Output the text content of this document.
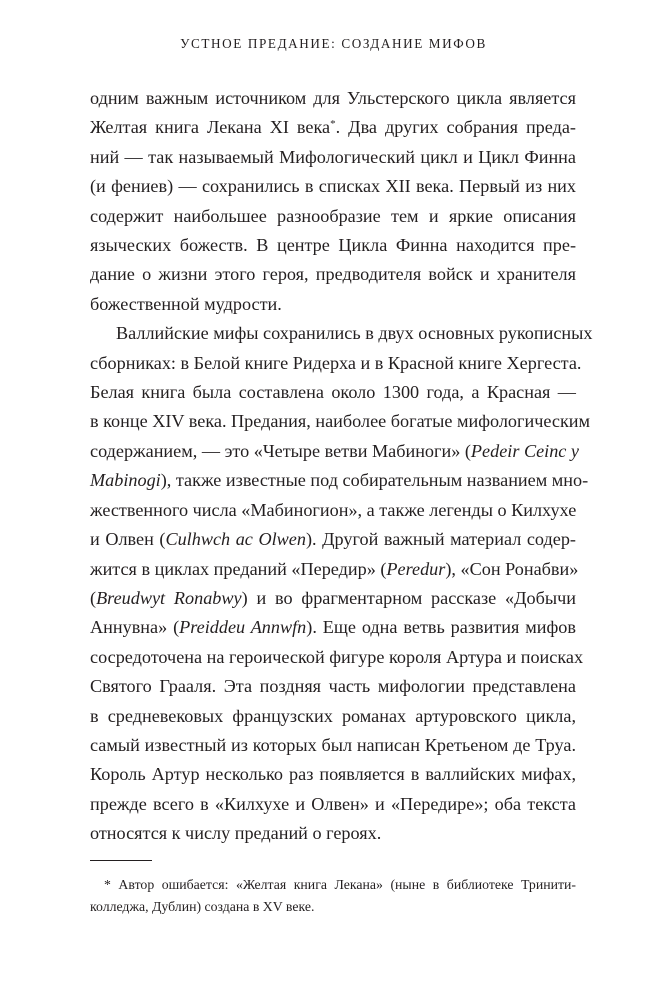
УСТНОЕ ПРЕДАНИЕ: СОЗДАНИЕ МИФОВ
одним важным источником для Ульстерского цикла является
Желтая книга Лекана XI века*. Два других собрания преда-
ний — так называемый Мифологический цикл и Цикл Финна
(и фениев) — сохранились в списках XII века. Первый из них
содержит наибольшее разнообразие тем и яркие описания
языческих божеств. В центре Цикла Финна находится пре-
дание о жизни этого героя, предводителя войск и хранителя
божественной мудрости.
Валлийские мифы сохранились в двух основных рукописных
сборниках: в Белой книге Ридерха и в Красной книге Хергеста.
Белая книга была составлена около 1300 года, а Красная —
в конце XIV века. Предания, наиболее богатые мифологическим
содержанием, — это «Четыре ветви Мабиноги» (Pedeir Ceinc y
Mabinogi), также известные под собирательным названием мно-
жественного числа «Мабиногион», а также легенды о Килхухе
и Олвен (Culhwch ac Olwen). Другой важный материал содер-
жится в циклах преданий «Передир» (Peredur), «Сон Ронабви»
(Breudwyt Ronabwy) и во фрагментарном рассказе «Добычи
Аннувна» (Preiddeu Annwfn). Еще одна ветвь развития мифов
сосредоточена на героической фигуре короля Артура и поисках
Святого Грааля. Эта поздняя часть мифологии представлена
в средневековых французских романах артуровского цикла,
самый известный из которых был написан Кретьеном де Труа.
Король Артур несколько раз появляется в валлийских мифах,
прежде всего в «Килхухе и Олвен» и «Передире»; оба текста
относятся к числу преданий о героях.
* Автор ошибается: «Желтая книга Лекана» (ныне в библиотеке Тринити-
колледжа, Дублин) создана в XV веке.
